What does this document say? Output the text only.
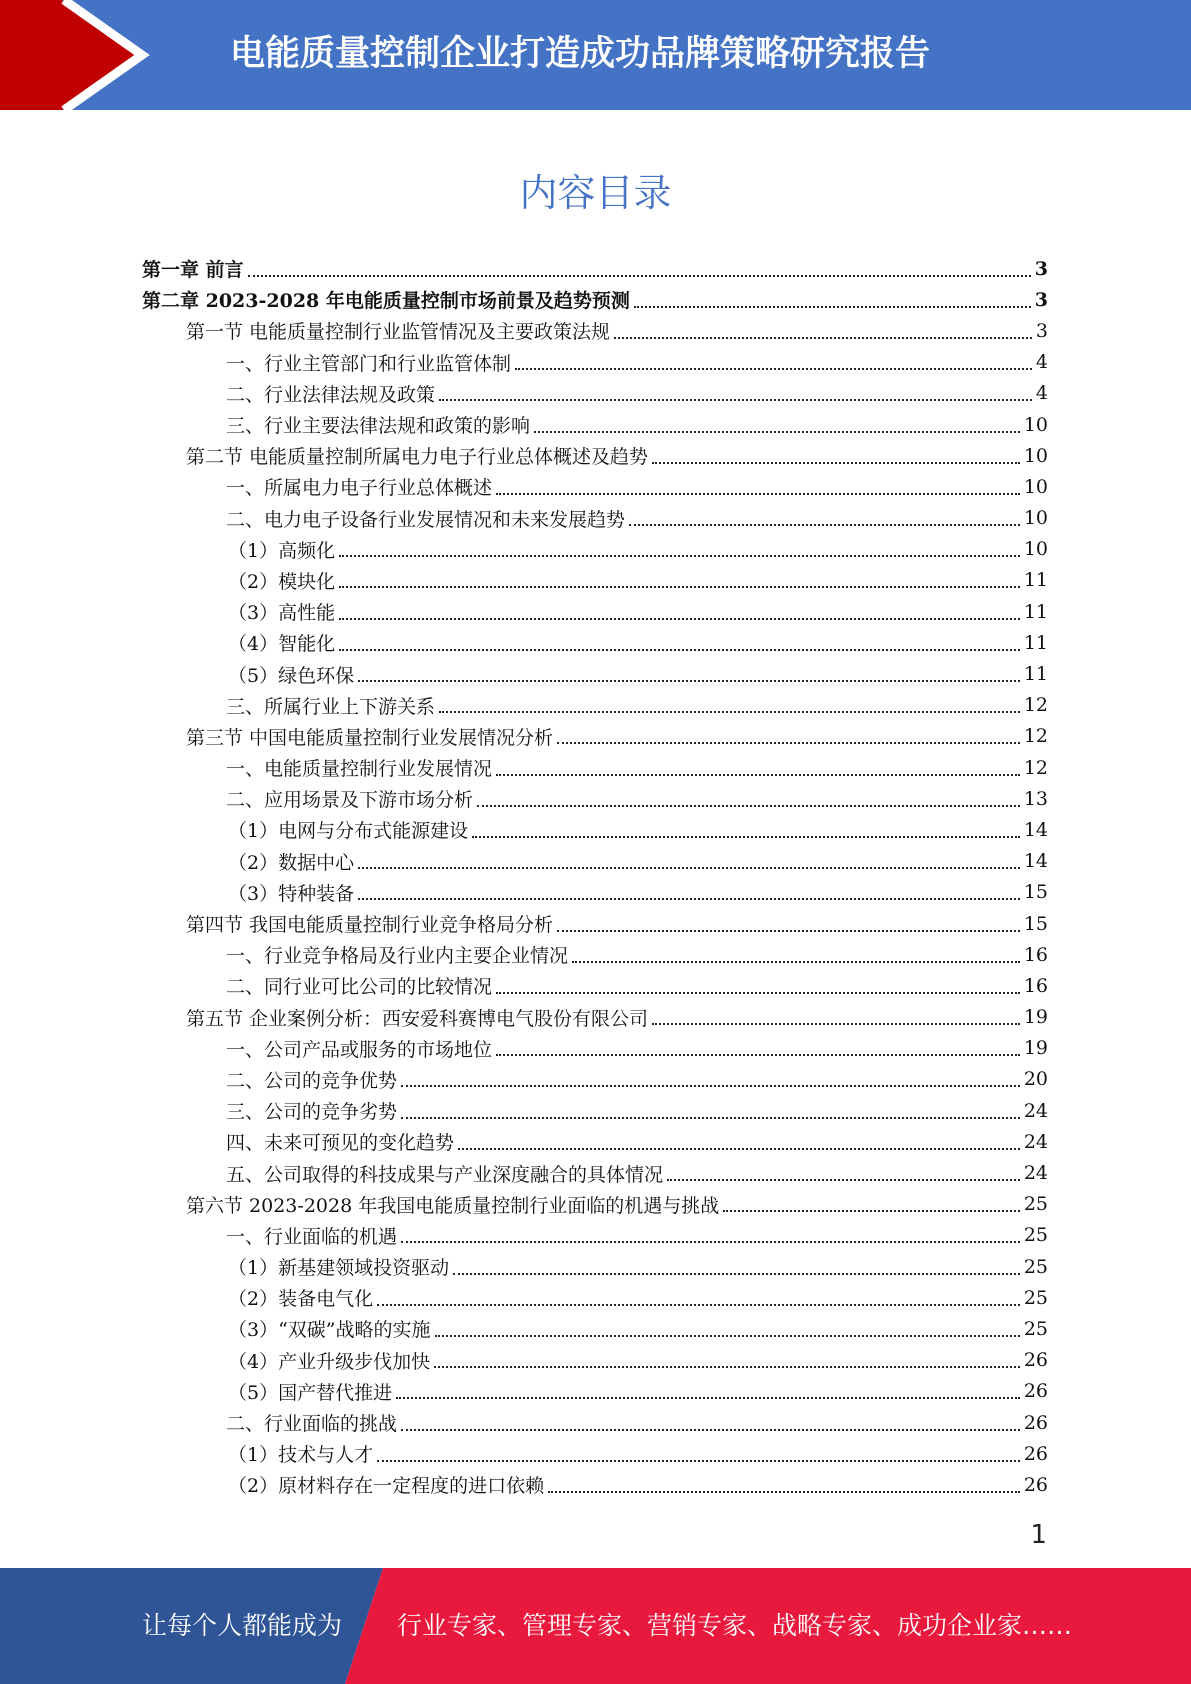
电能质量控制企业打造成功品牌策略研究报告
内容目录
第一章 前言	3
第二章 2023-2028 年电能质量控制市场前景及趋势预测	3
第一节 电能质量控制行业监管情况及主要政策法规	3
一、行业主管部门和行业监管体制	4
二、行业法律法规及政策	4
三、行业主要法律法规和政策的影响	10
第二节 电能质量控制所属电力电子行业总体概述及趋势	10
一、所属电力电子行业总体概述	10
二、电力电子设备行业发展情况和未来发展趋势	10
（1）高频化	10
（2）模块化	11
（3）高性能	11
（4）智能化	11
（5）绿色环保	11
三、所属行业上下游关系	12
第三节 中国电能质量控制行业发展情况分析	12
一、电能质量控制行业发展情况	12
二、应用场景及下游市场分析	13
（1）电网与分布式能源建设	14
（2）数据中心	14
（3）特种装备	15
第四节 我国电能质量控制行业竞争格局分析	15
一、行业竞争格局及行业内主要企业情况	16
二、同行业可比公司的比较情况	16
第五节 企业案例分析：西安爱科赛博电气股份有限公司	19
一、公司产品或服务的市场地位	19
二、公司的竞争优势	20
三、公司的竞争劣势	24
四、未来可预见的变化趋势	24
五、公司取得的科技成果与产业深度融合的具体情况	24
第六节 2023-2028 年我国电能质量控制行业面临的机遇与挑战	25
一、行业面临的机遇	25
（1）新基建领域投资驱动	25
（2）装备电气化	25
（3）“双碳”战略的实施	25
（4）产业升级步伐加快	26
（5）国产替代推进	26
二、行业面临的挑战	26
（1）技术与人才	26
（2）原材料存在一定程度的进口依赖	26
1
让每个人都能成为 行业专家、管理专家、营销专家、战略专家、成功企业家……
